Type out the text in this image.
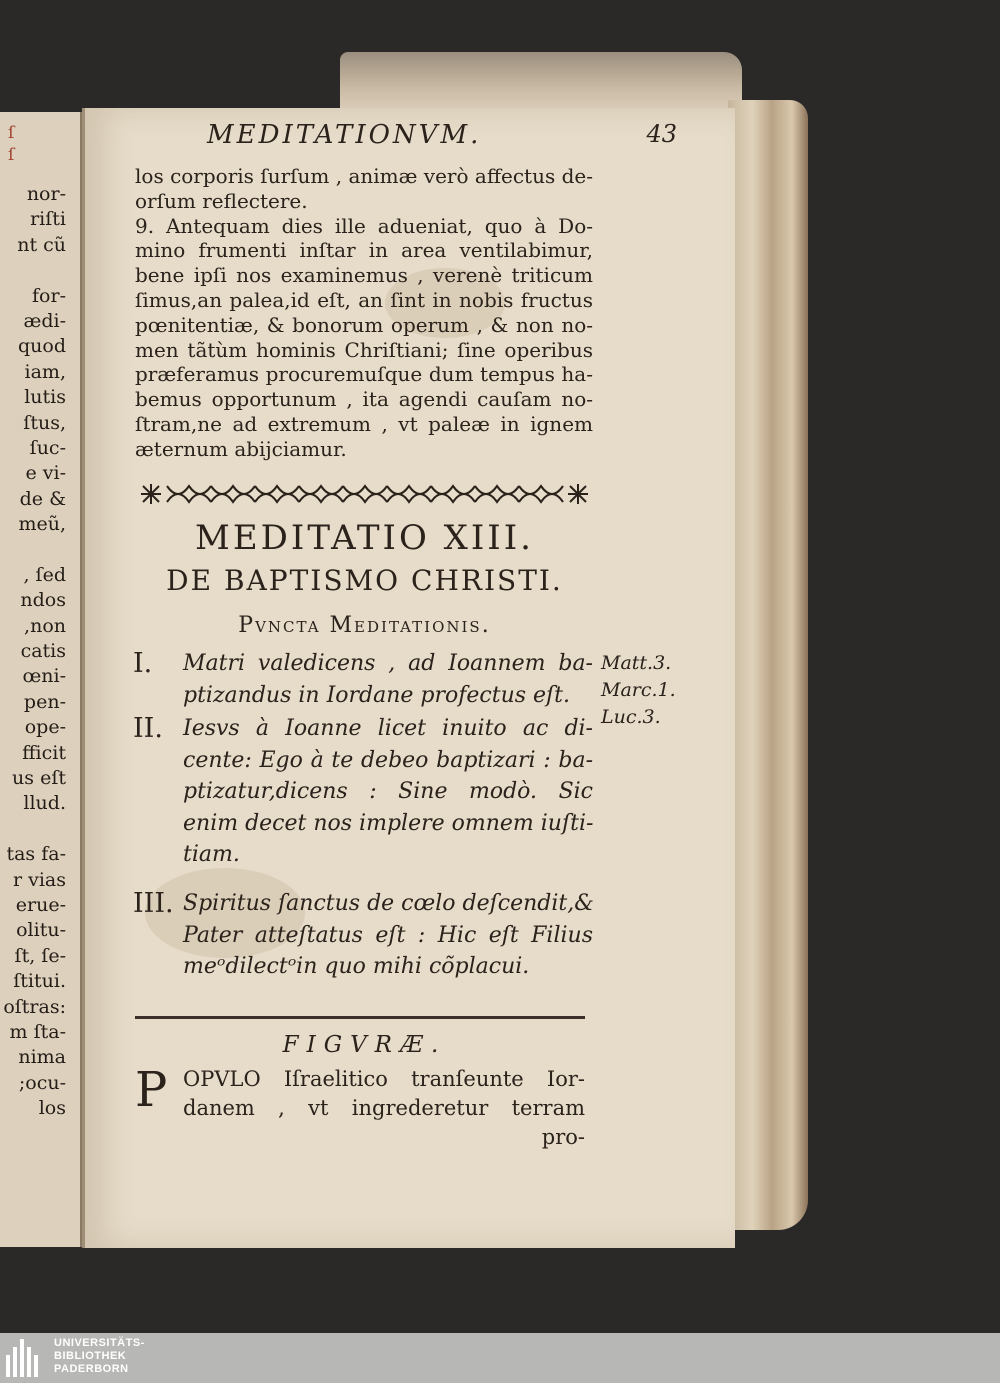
ſ
ſ
nor-
riſti
nt cũ
for-
ædi-
quod
iam,
lutis
ſtus,
ſuc-
e vi-
de &
meũ,
, ſed
ndos
,non
catis
œni-
pen-
ope-
fficit
us eſt
llud.
tas fa-
r vias
erue-
olitu-
ſt, ſe-
ſtitui.
oſtras:
m ſta-
nima
;ocu-
los
MEDITATIONVM.	43
los corporis ſurſum , animæ verò affectus de-
orſum reflectere.
9. Antequam dies ille adueniat, quo à Do-
mino frumenti inſtar in area ventilabimur,
bene ipſi nos examinemus , verenè triticum
ſimus,an palea,id eſt, an ſint in nobis fructus
pœnitentiæ, & bonorum operum , & non no-
men tãtùm hominis Chriſtiani; ſine operibus
præferamus procuremuſque dum tempus ha-
bemus opportunum , ita agendi cauſam no-
ſtram,ne ad extremum , vt paleæ in ignem
æternum abijciamur.
MEDITATIO XIII.
DE BAPTISMO CHRISTI.
Pvncta Meditationis.
I. Matri valedicens , ad Ioannem ba-
ptizandus in Iordane profectus eſt.
II. Iesvs à Ioanne licet inuito ac di-
cente: Ego à te debeo baptizari : ba-
ptizatur,dicens : Sine modò. Sic
enim decet nos implere omnem iuſti-
tiam.
III. Spiritus ſanctus de cœlo deſcendit,&
Pater atteſtatus eſt : Hic eſt Filius
meᵒdilectᵒin quo mihi cõplacui.
Matt.3.
Marc.1.
Luc.3.
FIGVRÆ.
P OPVLO Iſraelitico tranſeunte Ior-
danem , vt ingrederetur terram
pro-
UNIVERSITÄTS-
BIBLIOTHEK
PADERBORN
